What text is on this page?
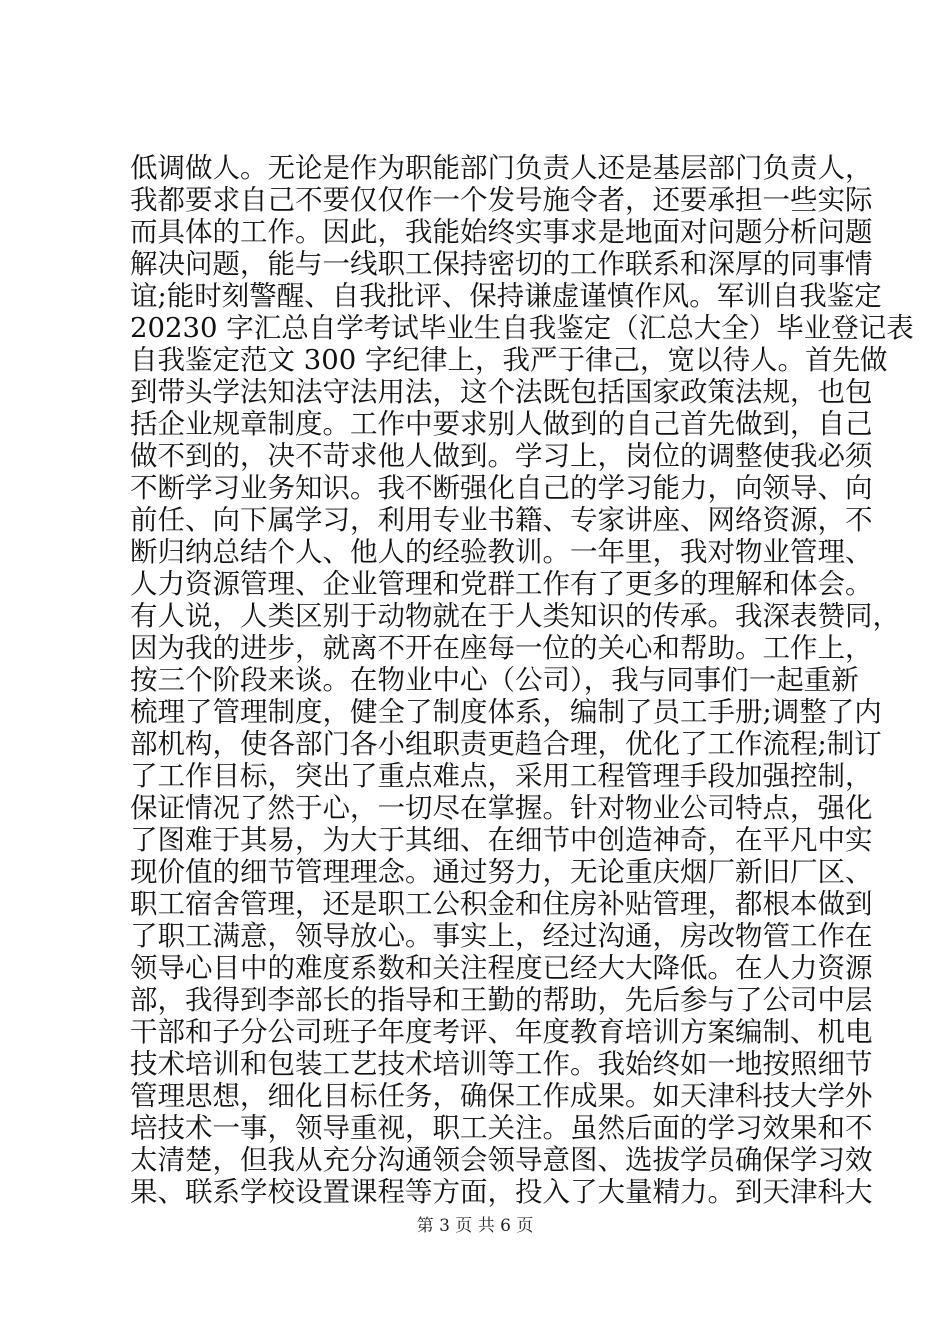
低调做人。无论是作为职能部门负责人还是基层部门负责人，
我都要求自己不要仅仅作一个发号施令者，还要承担一些实际
而具体的工作。因此，我能始终实事求是地面对问题分析问题
解决问题，能与一线职工保持密切的工作联系和深厚的同事情
谊;能时刻警醒、自我批评、保持谦虚谨慎作风。军训自我鉴定
20230 字汇总自学考试毕业生自我鉴定（汇总大全）毕业登记表
自我鉴定范文 300 字纪律上，我严于律己，宽以待人。首先做
到带头学法知法守法用法，这个法既包括国家政策法规，也包
括企业规章制度。工作中要求别人做到的自己首先做到，自己
做不到的，决不苛求他人做到。学习上，岗位的调整使我必须
不断学习业务知识。我不断强化自己的学习能力，向领导、向
前任、向下属学习，利用专业书籍、专家讲座、网络资源，不
断归纳总结个人、他人的经验教训。一年里，我对物业管理、
人力资源管理、企业管理和党群工作有了更多的理解和体会。
有人说，人类区别于动物就在于人类知识的传承。我深表赞同，
因为我的进步，就离不开在座每一位的关心和帮助。工作上，
按三个阶段来谈。在物业中心（公司），我与同事们一起重新
梳理了管理制度，健全了制度体系，编制了员工手册;调整了内
部机构，使各部门各小组职责更趋合理，优化了工作流程;制订
了工作目标，突出了重点难点，采用工程管理手段加强控制，
保证情况了然于心，一切尽在掌握。针对物业公司特点，强化
了图难于其易，为大于其细、在细节中创造神奇，在平凡中实
现价值的细节管理理念。通过努力，无论重庆烟厂新旧厂区、
职工宿舍管理，还是职工公积金和住房补贴管理，都根本做到
了职工满意，领导放心。事实上，经过沟通，房改物管工作在
领导心目中的难度系数和关注程度已经大大降低。在人力资源
部，我得到李部长的指导和王勤的帮助，先后参与了公司中层
干部和子分公司班子年度考评、年度教育培训方案编制、机电
技术培训和包装工艺技术培训等工作。我始终如一地按照细节
管理思想，细化目标任务，确保工作成果。如天津科技大学外
培技术一事，领导重视，职工关注。虽然后面的学习效果和不
太清楚，但我从充分沟通领会领导意图、选拔学员确保学习效
果、联系学校设置课程等方面，投入了大量精力。到天津科大
第 3 页 共 6 页
